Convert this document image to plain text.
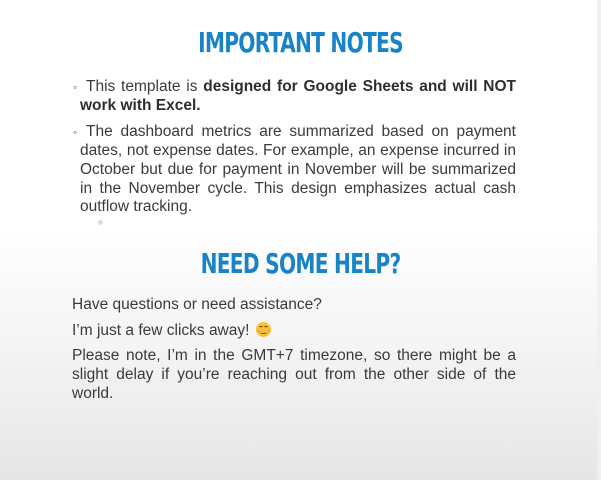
IMPORTANT NOTES
◦ This template is designed for Google Sheets and will NOT work with Excel.
◦ The dashboard metrics are summarized based on payment dates, not expense dates. For example, an expense incurred in October but due for payment in November will be summarized in the November cycle. This design emphasizes actual cash outflow tracking.
NEED SOME HELP?

Have questions or need assistance?

I’m just a few clicks away!

Please note, I’m in the GMT+7 timezone, so there might be a slight delay if you’re reaching out from the other side of the world.
